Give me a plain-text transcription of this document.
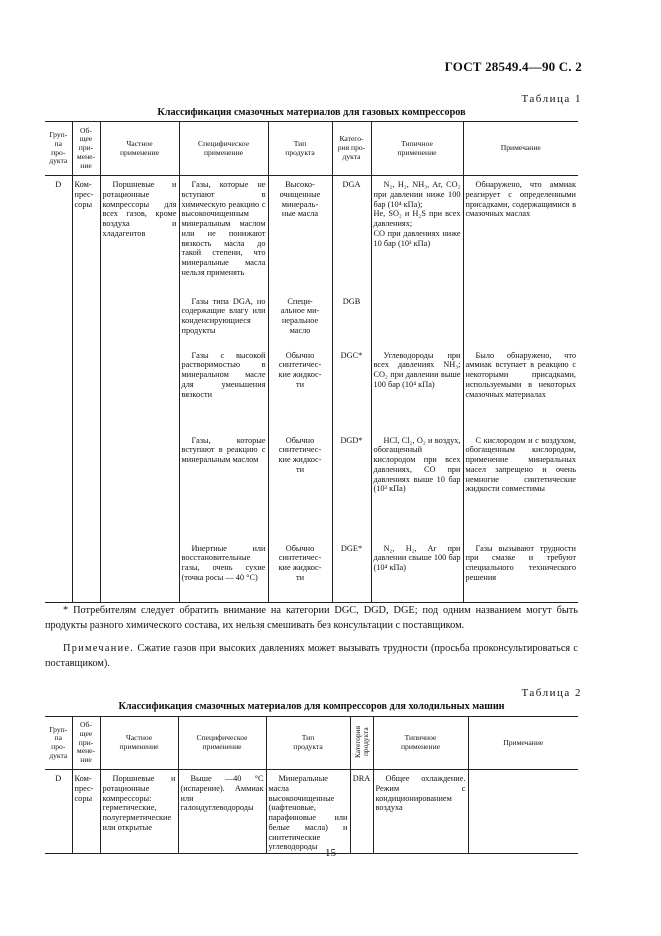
ГОСТ 28549.4—90 С. 2
Таблица 1
Классификация смазочных материалов для газовых компрессоров
Груп-
па
про-
дукта	Об-
щее
при-
мене-
ние	Частное
применение	Специфическое
применение	Тип
продукта	Катего-
рия про-
дукта	Типичное
применение	Примечание
D	Ком-
прес-
соры	Поршневые и ротационные компрессоры для всех газов, кроме воздуха и хладагентов	Газы, которые не вступают в химическую реакцию с высокоочищенным минеральным маслом или не понижают вязкость масла до такой степени, что минеральные масла нельзя применять	Высоко-
очищенные
минераль-
ные масла	DGA	N₂, H₂, NH₃, Ar, CO₂ при давлении ниже 100 бар (10⁴ кПа);
He, SO₂ и H₂S при всех давлениях;
CO при давлениях ниже 10 бар (10³ кПа)	Обнаружено, что аммиак реагирует с определенными присадками, содержащимися в смазочных маслах
			Газы типа DGA, но содержащие влагу или конденсирующиеся продукты	Специ-
альное ми-
неральное
масло	DGB		
			Газы с высокой растворимостью в минеральном масле для уменьшения вязкости	Обычно
синтетичес-
кие жидкос-
ти	DGC*	Углеводороды при всех давлениях NH₃; CO₂ при давлении выше 100 бар (10⁴ кПа)	Было обнаружено, что аммиак вступает в реакцию с некоторыми присадками, используемыми в некоторых смазочных материалах
			Газы, которые вступают в реакцию с минеральным маслом	Обычно
синтетичес-
кие жидкос-
ти	DGD*	HCl, Cl₂, O₂ и воздух, обогащенный кислородом при всех давлениях, CO при давлениях выше 10 бар (10³ кПа)	С кислородом и с воздухом, обогащенным кислородом, применение минеральных масел запрещено и очень немногие синтетические жидкости совместимы
			Инертные или восстановительные газы, очень сухие (точка росы — 40 °С)	Обычно
синтетичес-
кие жидкос-
ти	DGE*	N₂, H₂, Ar при давлении свыше 100 бар (10⁴ кПа)	Газы вызывают трудности при смазке и требуют специального технического решения
* Потребителям следует обратить внимание на категории DGC, DGD, DGE; под одним названием могут быть продукты разного химического состава, их нельзя смешивать без консультации с поставщиком.
Примечание. Сжатие газов при высоких давлениях может вызывать трудности (просьба проконсультироваться с поставщиком).
Таблица 2
Классификация смазочных материалов для компрессоров для холодильных машин
Груп-
па
про-
дукта	Об-
щее
при-
мене-
ние	Частное
применение	Специфическое
применение	Тип
продукта	Категория
продукта	Типичное
применение	Примечание
D	Ком-
прес-
соры	Поршневые и ротационные компрессоры: герметические, полугерметические или открытые	Выше —40 °С (испарение). Аммиак или галондуглеводороды	Минеральные масла высокоочищенные (нафтеновые, парафиновые или белые масла) и синтетические углеводороды	DRA	Общее охлаждение. Режим с кондиционированием воздуха	
15
